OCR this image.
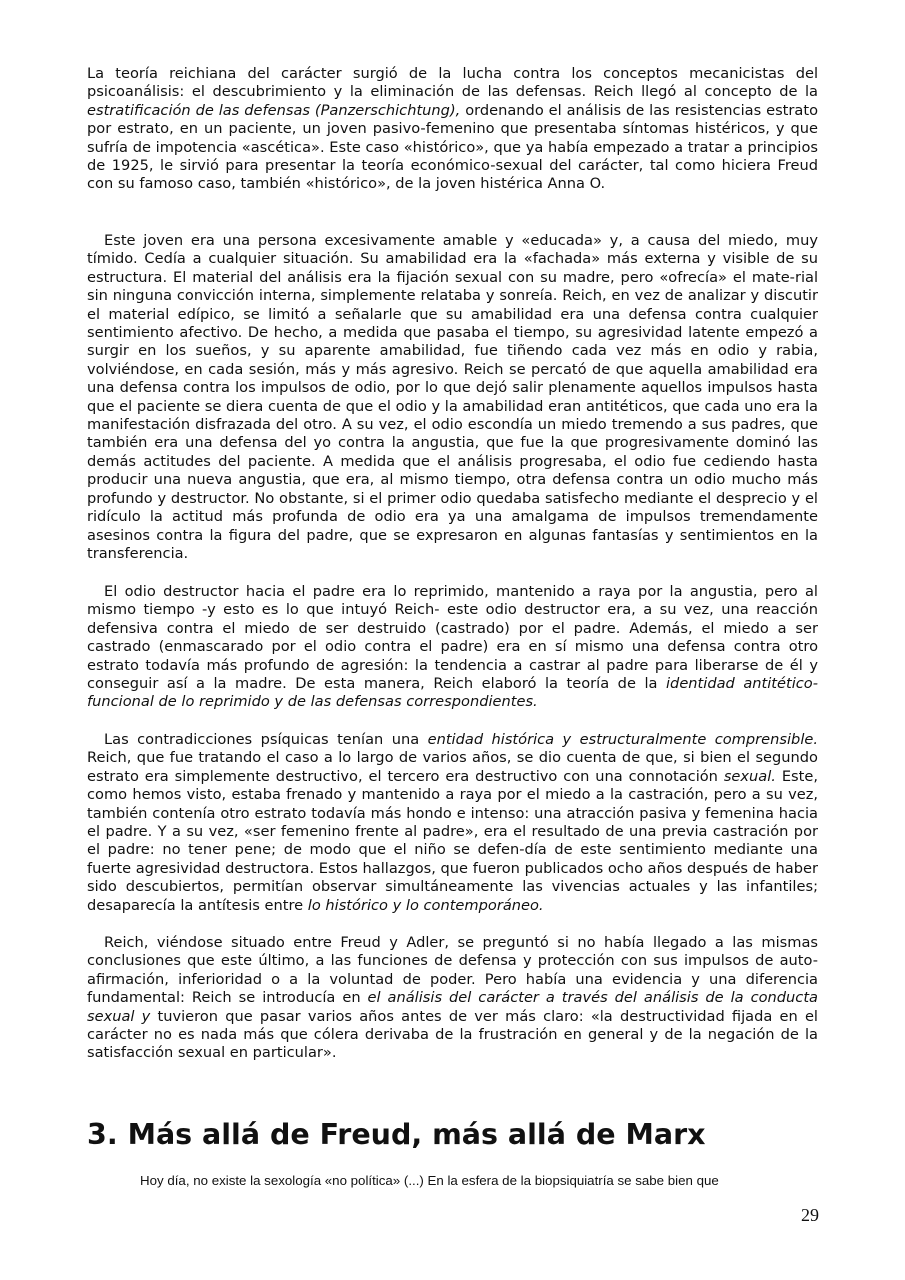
La teoría reichiana del carácter surgió de la lucha contra los conceptos mecanicistas del psicoanálisis: el descubrimiento y la eliminación de las defensas. Reich llegó al concepto de la estratificación de las defensas (Panzerschichtung), ordenando el análisis de las resistencias estrato por estrato, en un paciente, un joven pasivo-femenino que presentaba síntomas histéricos, y que sufría de impotencia «ascética». Este caso «histórico», que ya había empezado a tratar a principios de 1925, le sirvió para presentar la teoría económico-sexual del carácter, tal como hiciera Freud con su famoso caso, también «histórico», de la joven histérica Anna O.

Este joven era una persona excesivamente amable y «educada» y, a causa del miedo, muy tímido. Cedía a cualquier situación. Su amabilidad era la «fachada» más externa y visible de su estructura. El material del análisis era la fijación sexual con su madre, pero «ofrecía» el mate-rial sin ninguna convicción interna, simplemente relataba y sonreía. Reich, en vez de analizar y discutir el material edípico, se limitó a señalarle que su amabilidad era una defensa contra cualquier sentimiento afectivo. De hecho, a medida que pasaba el tiempo, su agresividad latente empezó a surgir en los sueños, y su aparente amabilidad, fue tiñendo cada vez más en odio y rabia, volviéndose, en cada sesión, más y más agresivo. Reich se percató de que aquella amabilidad era una defensa contra los impulsos de odio, por lo que dejó salir plenamente aquellos impulsos hasta que el paciente se diera cuenta de que el odio y la amabilidad eran antitéticos, que cada uno era la manifestación disfrazada del otro. A su vez, el odio escondía un miedo tremendo a sus padres, que también era una defensa del yo contra la angustia, que fue la que progresivamente dominó las demás actitudes del paciente. A medida que el análisis progresaba, el odio fue cediendo hasta producir una nueva angustia, que era, al mismo tiempo, otra defensa contra un odio mucho más profundo y destructor. No obstante, si el primer odio quedaba satisfecho mediante el desprecio y el ridículo la actitud más profunda de odio era ya una amalgama de impulsos tremendamente asesinos contra la figura del padre, que se expresaron en algunas fantasías y sentimientos en la transferencia.

El odio destructor hacia el padre era lo reprimido, mantenido a raya por la angustia, pero al mismo tiempo -y esto es lo que intuyó Reich- este odio destructor era, a su vez, una reacción defensiva contra el miedo de ser destruido (castrado) por el padre. Además, el miedo a ser castrado (enmascarado por el odio contra el padre) era en sí mismo una defensa contra otro estrato todavía más profundo de agresión: la tendencia a castrar al padre para liberarse de él y conseguir así a la madre. De esta manera, Reich elaboró la teoría de la identidad antitético-funcional de lo reprimido y de las defensas correspondientes.

Las contradicciones psíquicas tenían una entidad histórica y estructuralmente comprensible. Reich, que fue tratando el caso a lo largo de varios años, se dio cuenta de que, si bien el segundo estrato era simplemente destructivo, el tercero era destructivo con una connotación sexual. Este, como hemos visto, estaba frenado y mantenido a raya por el miedo a la castración, pero a su vez, también contenía otro estrato todavía más hondo e intenso: una atracción pasiva y femenina hacia el padre. Y a su vez, «ser femenino frente al padre», era el resultado de una previa castración por el padre: no tener pene; de modo que el niño se defen-día de este sentimiento mediante una fuerte agresividad destructora. Estos hallazgos, que fueron publicados ocho años después de haber sido descubiertos, permitían observar simultáneamente las vivencias actuales y las infantiles; desaparecía la antítesis entre lo histórico y lo contemporáneo.

Reich, viéndose situado entre Freud y Adler, se preguntó si no había llegado a las mismas conclusiones que este último, a las funciones de defensa y protección con sus impulsos de auto-afirmación, inferioridad o a la voluntad de poder. Pero había una evidencia y una diferencia fundamental: Reich se introducía en el análisis del carácter a través del análisis de la conducta sexual y tuvieron que pasar varios años antes de ver más claro: «la destructividad fijada en el carácter no es nada más que cólera derivaba de la frustración en general y de la negación de la satisfacción sexual en particular».

3. Más allá de Freud, más allá de Marx

Hoy día, no existe la sexología «no política» (...) En la esfera de la biopsiquiatría se sabe bien que

29
